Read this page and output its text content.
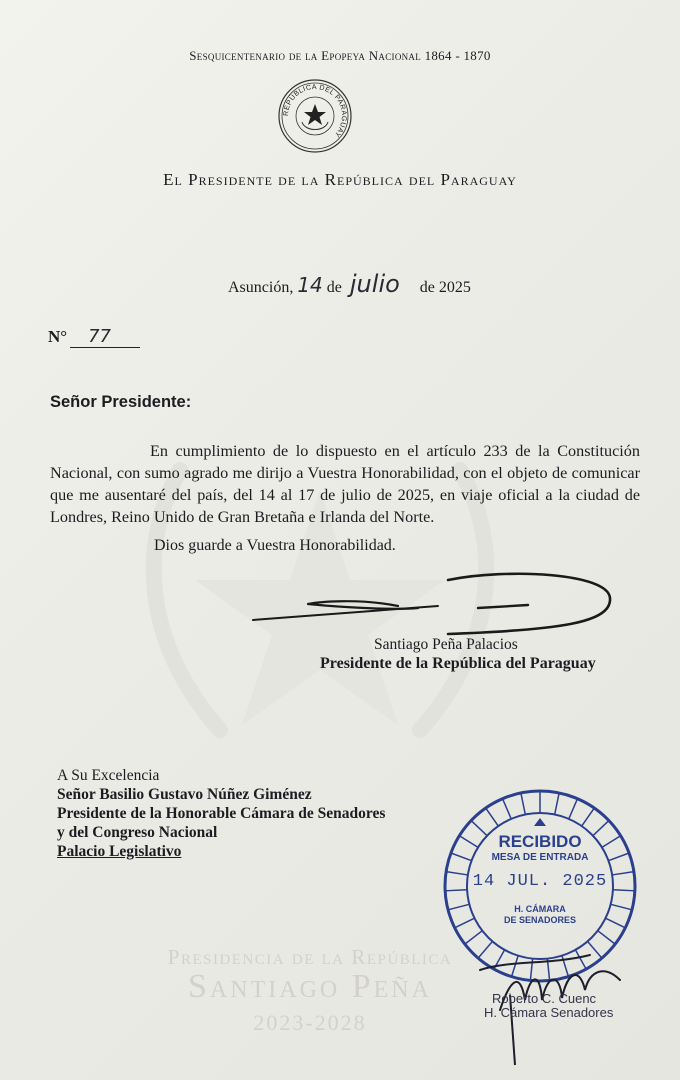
Sesquicentenario de la Epopeya Nacional 1864 - 1870
REPÚBLICA DEL PARAGUAY
El Presidente de la República del Paraguay
Asunción, 14 de julio de 2025
N° 77
Señor Presidente:
En cumplimiento de lo dispuesto en el artículo 233 de la Constitución Nacional, con sumo agrado me dirijo a Vuestra Honorabilidad, con el objeto de comunicar que me ausentaré del país, del 14 al 17 de julio de 2025, en viaje oficial a la ciudad de Londres, Reino Unido de Gran Bretaña e Irlanda del Norte.
Dios guarde a Vuestra Honorabilidad.
Santiago Peña Palacios
Presidente de la República del Paraguay
A Su Excelencia
Señor Basilio Gustavo Núñez Giménez
Presidente de la Honorable Cámara de Senadores
y del Congreso Nacional
Palacio Legislativo
Presidencia de la República
Santiago Peña
2023-2028
RECIBIDO
MESA DE ENTRADA
14 JUL. 2025
H. CÁMARA
DE SENADORES
Roberto C. Cuenc
H. Cámara Senadores
